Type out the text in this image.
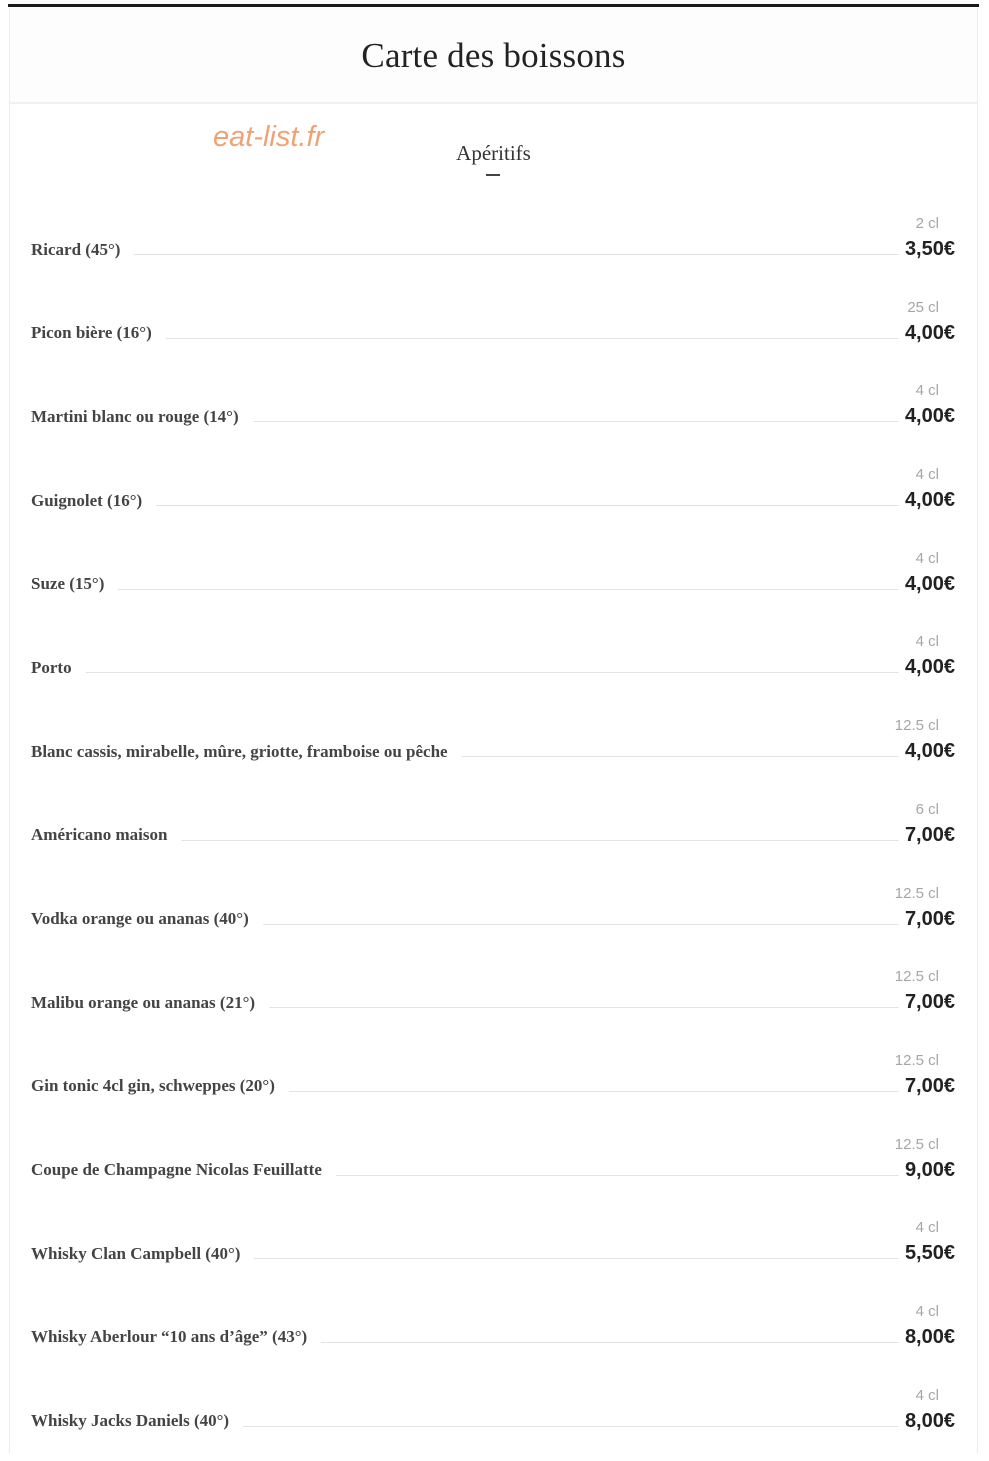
Carte des boissons
eat-list.fr	Apéritifs
2 cl
Ricard (45°)	3,50€
25 cl
Picon bière (16°)	4,00€
4 cl
Martini blanc ou rouge (14°)	4,00€
4 cl
Guignolet (16°)	4,00€
4 cl
Suze (15°)	4,00€
4 cl
Porto	4,00€
12.5 cl
Blanc cassis, mirabelle, mûre, griotte, framboise ou pêche	4,00€
6 cl
Américano maison	7,00€
12.5 cl
Vodka orange ou ananas (40°)	7,00€
12.5 cl
Malibu orange ou ananas (21°)	7,00€
12.5 cl
Gin tonic 4cl gin, schweppes (20°)	7,00€
12.5 cl
Coupe de Champagne Nicolas Feuillatte	9,00€
4 cl
Whisky Clan Campbell (40°)	5,50€
4 cl
Whisky Aberlour “10 ans d’âge” (43°)	8,00€
4 cl
Whisky Jacks Daniels (40°)	8,00€
